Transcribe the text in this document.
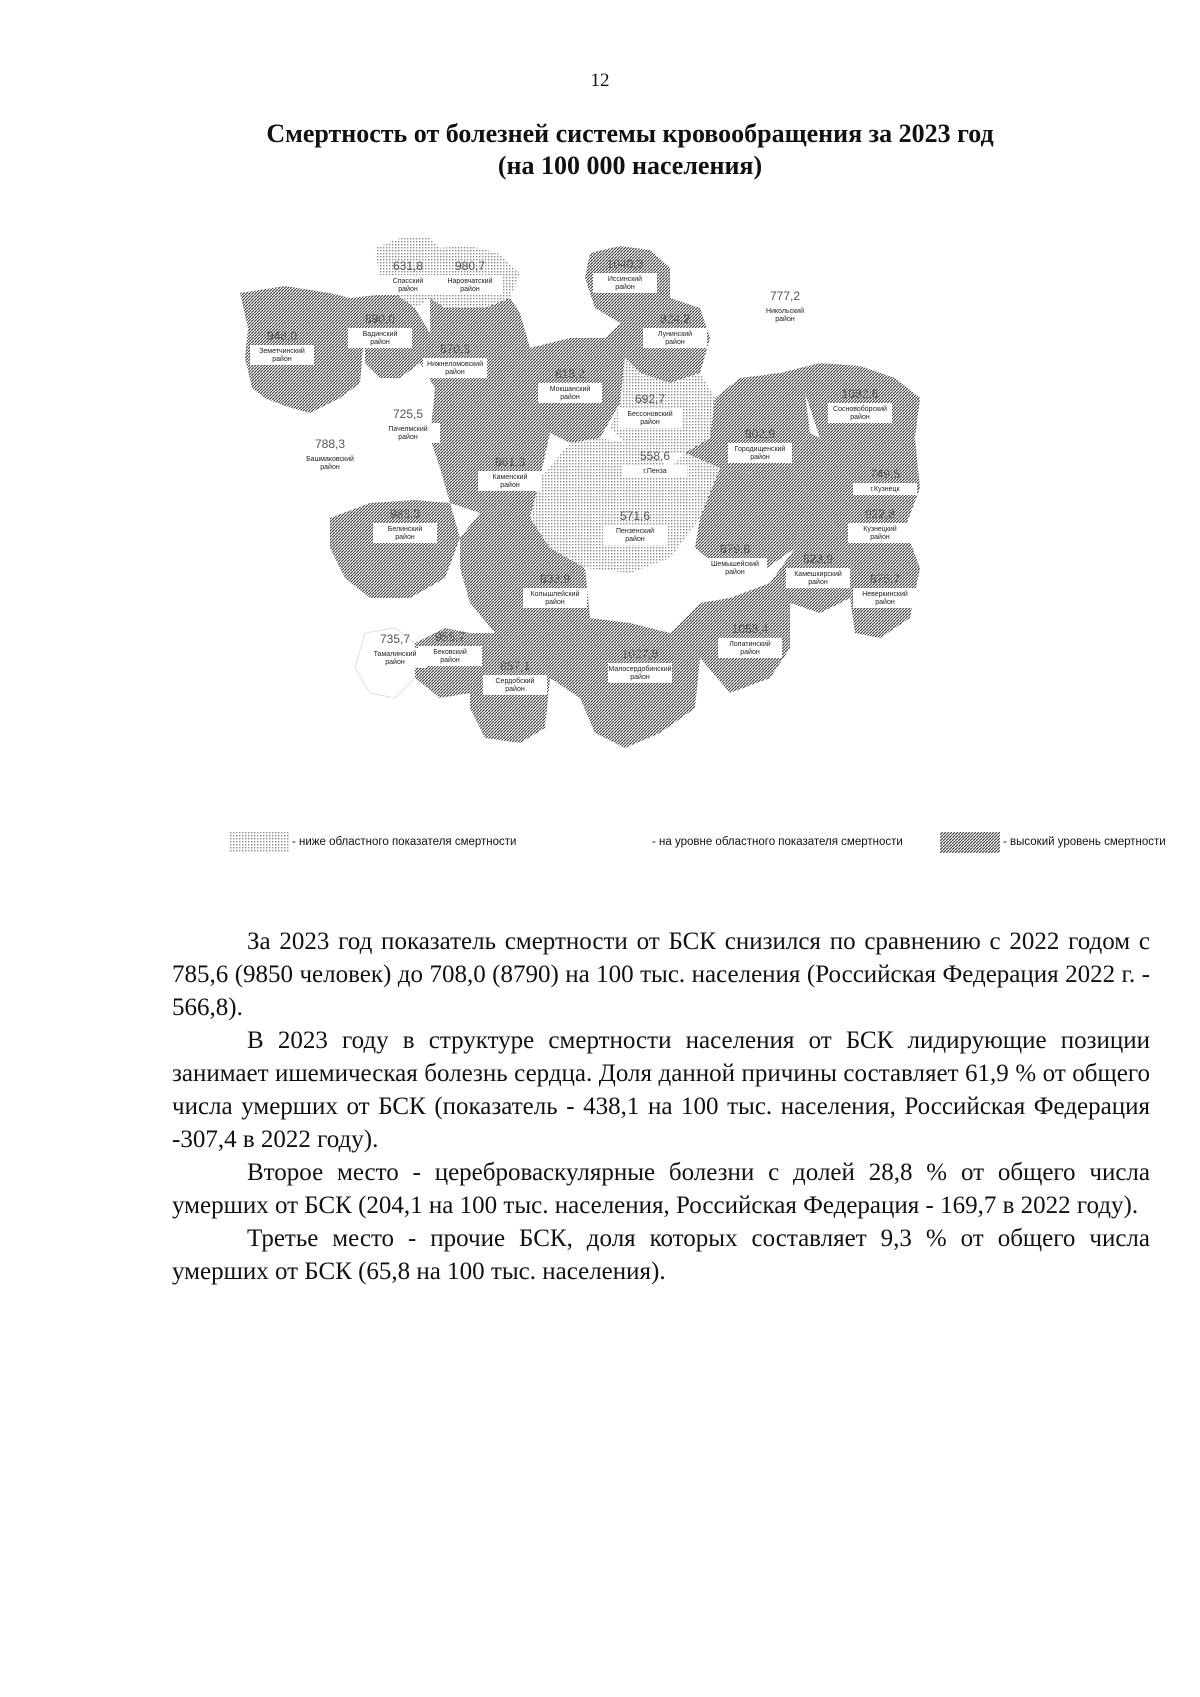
12
Смертность от болезней системы кровообращения за 2023 год
(на 100 000 населения)
631,8
Спасский
район
980,7
Наровчатский
район
948,0
Земетчинский
район
890,0
Вадинский
район
788,3
Башмаковский
район
725,5
Пачелмский
район
870,3
Нижнеломовский
район	818,2
Мокшанский
район
1040,3
Иссинский
район
824,2
Лунинский
район
777,2
Никольский
район
692,7
Бессоновский
район
1082,6
Сосновоборский
район
861,3
Каменский
район
902,9
Городищенский
район
558,6
г.Пенза	749,5
г.Кузнецк
983,3
Белинский
район
571,6
Пензенский
район
922,8
Кузнецкий
район
879,8
Шемышейский
район
823,9
Камешкирский
район	875,7
Неверкинский
район
833,9
Колышлейский
район
735,7
Тамалинский
район
955,7
Бековский
район	857,1
Сердобский
район
1027,8
Малосердобинский
район
1058,4
Лопатинский
район
- ниже областного показателя смертности	- на уровне областного показателя смертности	- высокий уровень смертности

За 2023 год показатель смертности от БСК снизился по сравнению с 2022 годом с 785,6 (9850 человек) до 708,0 (8790) на 100 тыс. населения (Российская Федерация 2022 г. - 566,8).

В 2023 году в структуре смертности населения от БСК лидирующие позиции занимает ишемическая болезнь сердца. Доля данной причины составляет 61,9 % от общего числа умерших от БСК (показатель - 438,1 на 100 тыс. населения, Российская Федерация -307,4 в 2022 году).

Второе место - цереброваскулярные болезни с долей 28,8 % от общего числа умерших от БСК (204,1 на 100 тыс. населения, Российская Федерация - 169,7 в 2022 году).

Третье место - прочие БСК, доля которых составляет 9,3 % от общего числа умерших от БСК (65,8 на 100 тыс. населения).
